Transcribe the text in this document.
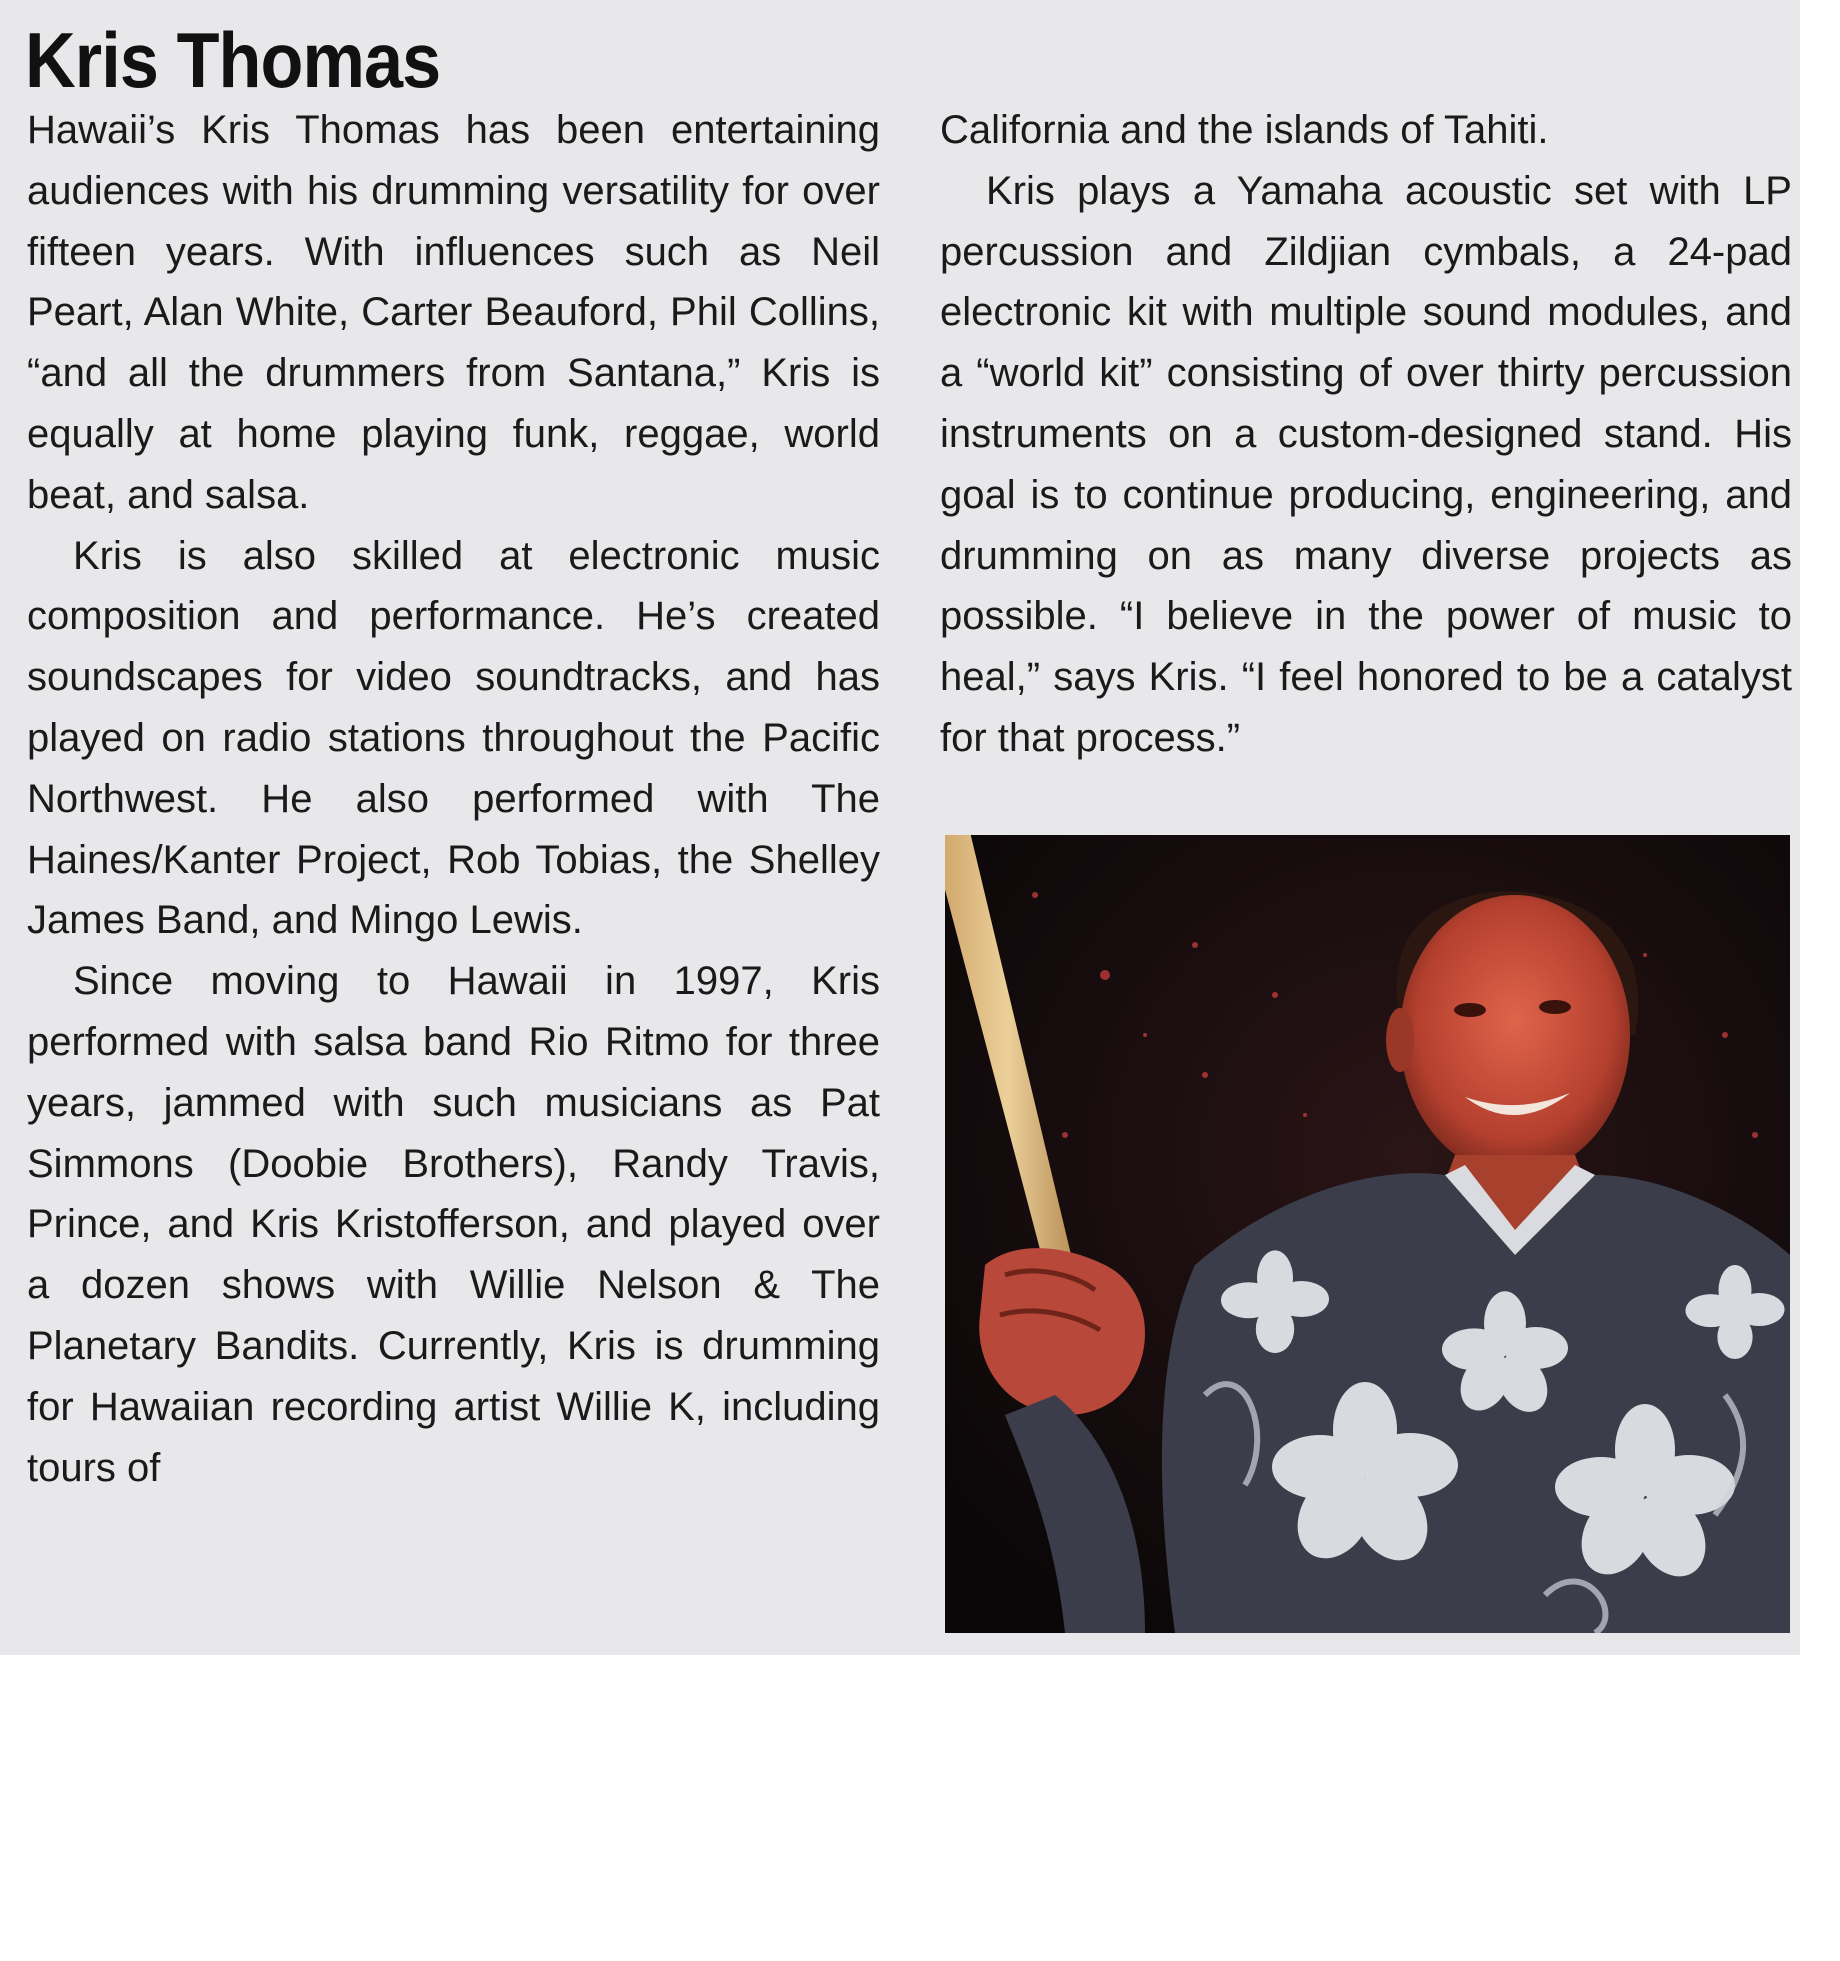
Kris Thomas

Hawaii’s Kris Thomas has been entertaining audiences with his drumming versatility for over fifteen years. With influences such as Neil Peart, Alan White, Carter Beauford, Phil Collins, “and all the drummers from Santana,” Kris is equally at home playing funk, reggae, world beat, and salsa.

Kris is also skilled at electronic music composition and performance. He’s created soundscapes for video soundtracks, and has played on radio stations throughout the Pacific Northwest. He also performed with The Haines/Kanter Project, Rob Tobias, the Shelley James Band, and Mingo Lewis.

Since moving to Hawaii in 1997, Kris performed with salsa band Rio Ritmo for three years, jammed with such musicians as Pat Simmons (Doobie Brothers), Randy Travis, Prince, and Kris Kristofferson, and played over a dozen shows with Willie Nelson & The Planetary Bandits. Currently, Kris is drumming for Hawaiian recording artist Willie K, including tours of

California and the islands of Tahiti.

Kris plays a Yamaha acoustic set with LP percussion and Zildjian cymbals, a 24-pad electronic kit with multiple sound modules, and a “world kit” consisting of over thirty percussion instruments on a custom-designed stand. His goal is to continue producing, engineering, and drumming on as many diverse projects as possible. “I believe in the power of music to heal,” says Kris. “I feel honored to be a catalyst for that process.”
